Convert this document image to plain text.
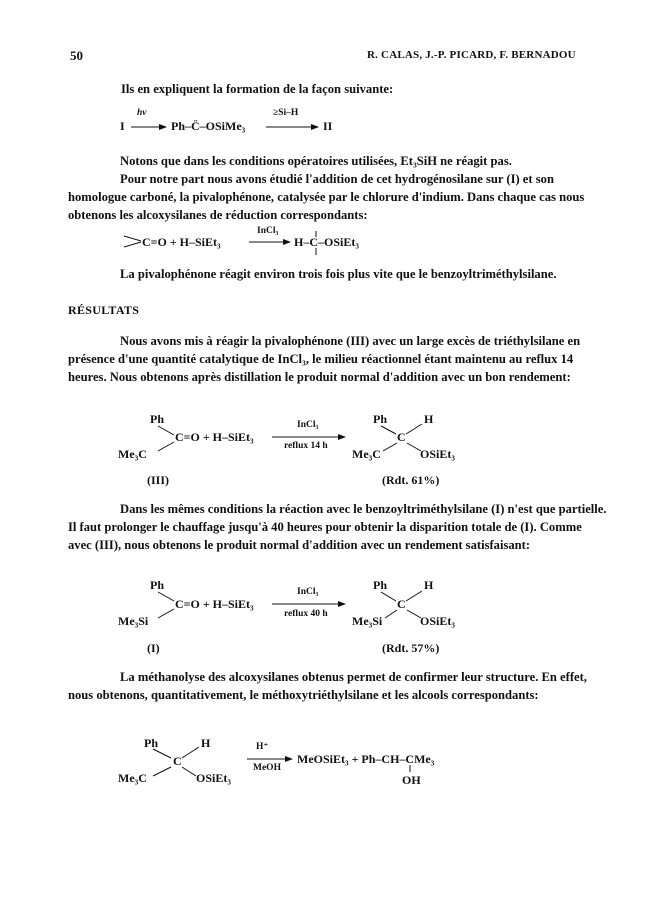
50	R. CALAS, J.-P. PICARD, F. BERNADOU
Ils en expliquent la formation de la façon suivante:
I
hν
Ph–C̈–OSiMe₃
≥Si–H
II
Notons que dans les conditions opératoires utilisées, Et₃SiH ne réagit pas.
Pour notre part nous avons étudié l'addition de cet hydrogénosilane sur (I) et son homologue carboné, la pivalophénone, catalysée par le chlorure d'indium. Dans chaque cas nous obtenons les alcoxysilanes de réduction correspondants:
C=O + H–SiEt₃
InCl₃
H–C–OSiEt₃
La pivalophénone réagit environ trois fois plus vite que le benzoyltriméthylsilane.
RÉSULTATS
Nous avons mis à réagir la pivalophénone (III) avec un large excès de triéthylsilane en présence d'une quantité catalytique de InCl₃, le milieu réactionnel étant maintenu au reflux 14 heures. Nous obtenons après distillation le produit normal d'addition avec un bon rendement:
Ph
Me₃C
C=O + H–SiEt₃
InCl₃
reflux 14 h
Ph	H
C
Me₃C	OSiEt₃
(III)	(Rdt. 61%)
Dans les mêmes conditions la réaction avec le benzoyltriméthylsilane (I) n'est que partielle. Il faut prolonger le chauffage jusqu'à 40 heures pour obtenir la disparition totale de (I). Comme avec (III), nous obtenons le produit normal d'addition avec un rendement satisfaisant:
Ph
Me₃Si
C=O + H–SiEt₃
InCl₃
reflux 40 h
Ph	H
C
Me₃Si	OSiEt₃
(I)	(Rdt. 57%)
La méthanolyse des alcoxysilanes obtenus permet de confirmer leur structure. En effet, nous obtenons, quantitativement, le méthoxytriéthylsilane et les alcools correspondants:
Ph	H
C
Me₃C	OSiEt₃
H⁺
MeOH
MeOSiEt₃ + Ph–CH–CMe₃
OH
